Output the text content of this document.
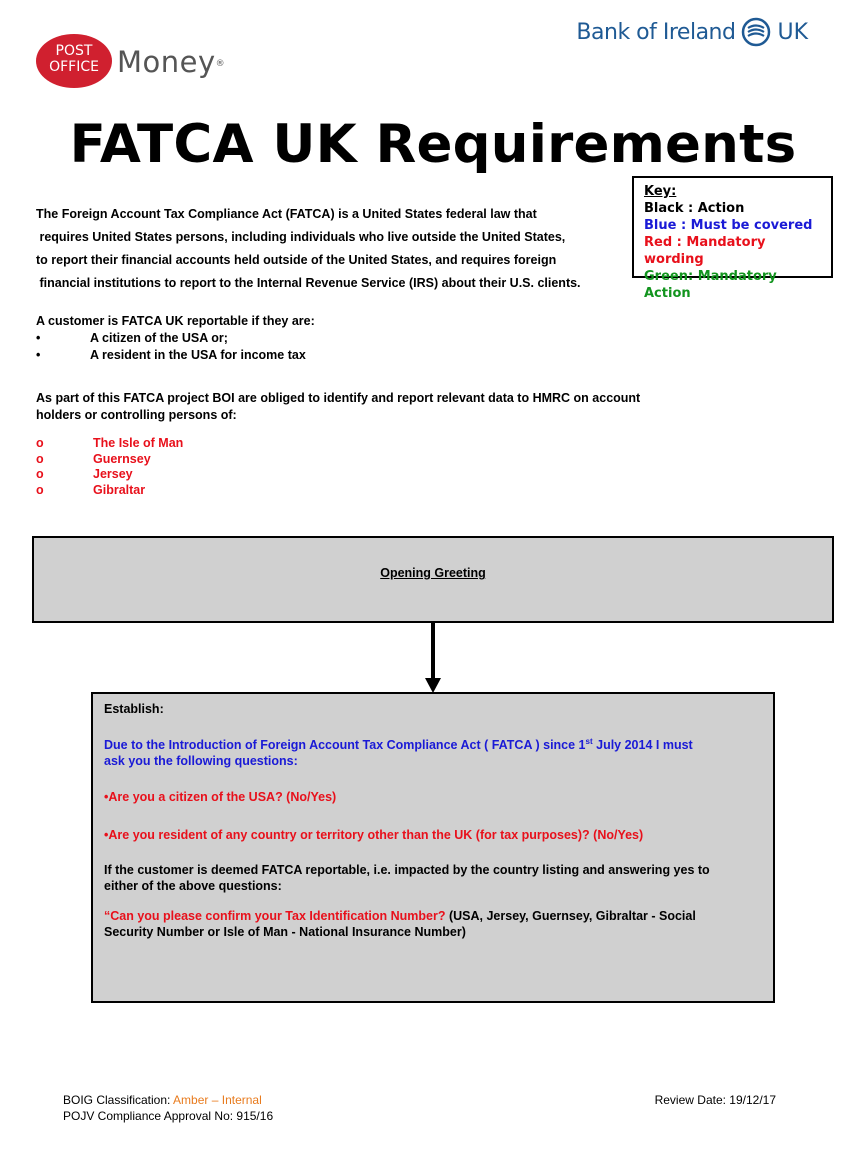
POST
OFFICE Money®
Bank of Ireland UK
FATCA UK Requirements
Key:
Black : Action
Blue : Must be covered
Red : Mandatory wording
Green: Mandatory Action
The Foreign Account Tax Compliance Act (FATCA) is a United States federal law that
requires United States persons, including individuals who live outside the United States,
to report their financial accounts held outside of the United States, and requires foreign
financial institutions to report to the Internal Revenue Service (IRS) about their U.S. clients.
A customer is FATCA UK reportable if they are:
•	A citizen of the USA or;
•	A resident in the USA for income tax
As part of this FATCA project BOI are obliged to identify and report relevant data to HMRC on account
holders or controlling persons of:
o	The Isle of Man
o	Guernsey
o	Jersey
o	Gibraltar
Opening Greeting
Establish:
Due to the Introduction of Foreign Account Tax Compliance Act ( FATCA ) since 1st July 2014 I must
ask you the following questions:
•Are you a citizen of the USA? (No/Yes)
•Are you resident of any country or territory other than the UK (for tax purposes)? (No/Yes)
If the customer is deemed FATCA reportable, i.e. impacted by the country listing and answering yes to
either of the above questions:
“Can you please confirm your Tax Identification Number? (USA, Jersey, Guernsey, Gibraltar - Social
Security Number or Isle of Man - National Insurance Number)
BOIG Classification: Amber – Internal
POJV Compliance Approval No: 915/16
Review Date: 19/12/17
